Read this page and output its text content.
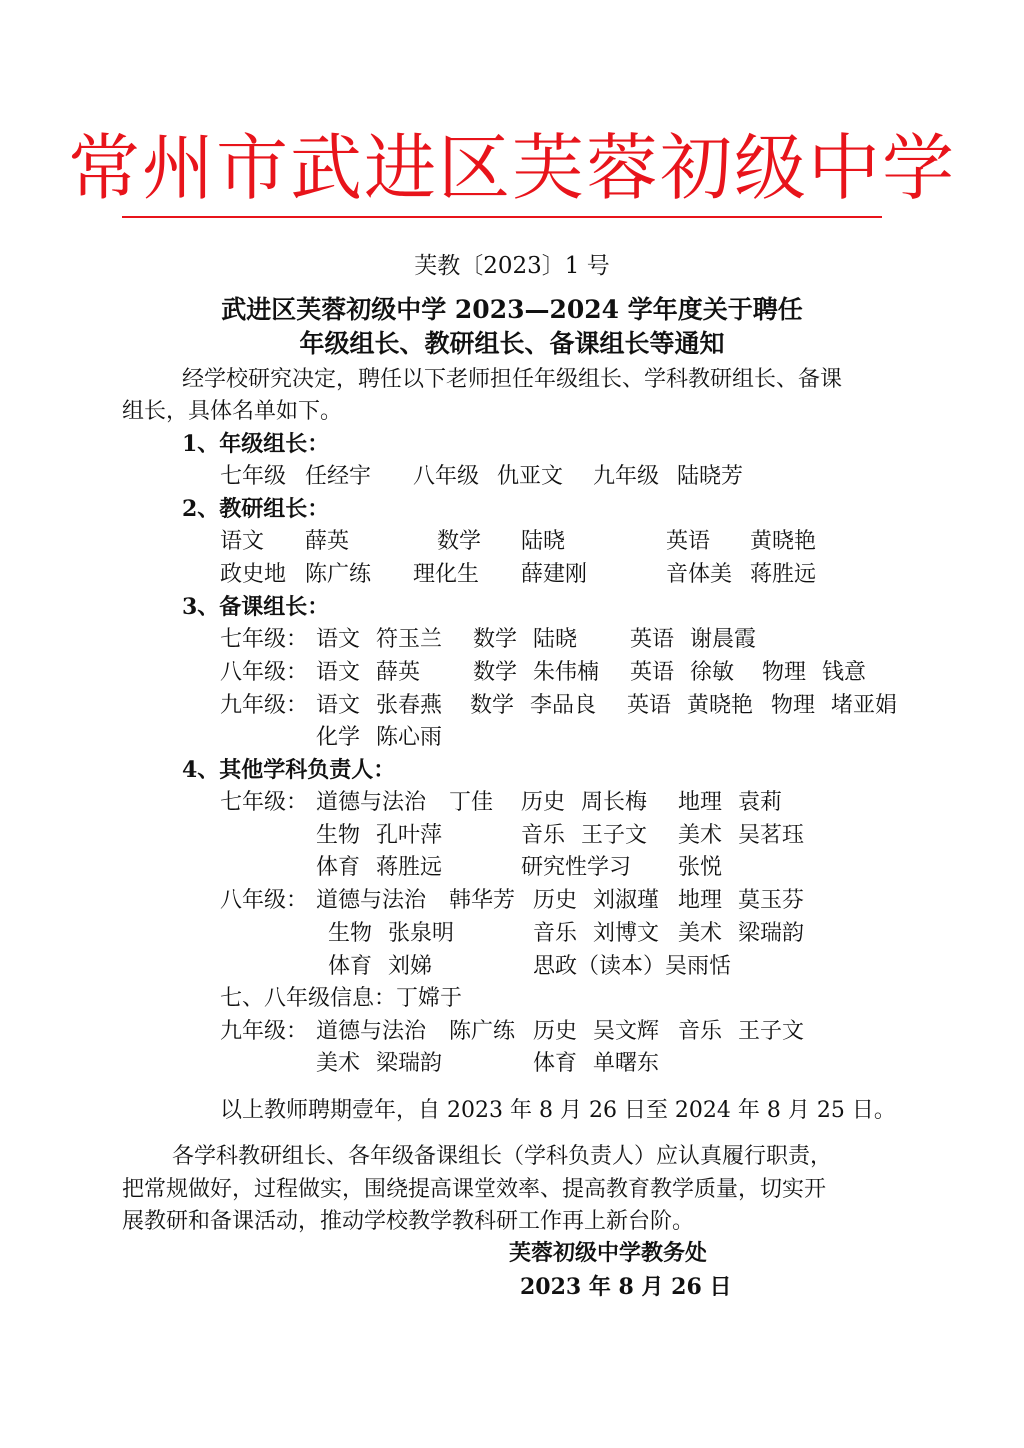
常州市武进区芙蓉初级中学
芙教〔2023〕1 号
武进区芙蓉初级中学 2023—2024 学年度关于聘任
年级组长、教研组长、备课组长等通知
经学校研究决定，聘任以下老师担任年级组长、学科教研组长、备课
组长，具体名单如下。
1、年级组长：
七年级 任经宇 八年级 仇亚文 九年级 陆晓芳
2、教研组长：
语文 薛英	数学 陆晓	英语 黄晓艳
政史地 陈广练 理化生 薛建刚	音体美 蒋胜远
3、备课组长：
七年级： 语文 符玉兰 数学 陆晓 英语 谢晨霞
八年级： 语文 薛英 数学 朱伟楠 英语 徐敏 物理 钱意
九年级： 语文 张春燕 数学 李品良 英语 黄晓艳 物理 堵亚娟
化学 陈心雨
4、其他学科负责人：
七年级： 道德与法治 丁佳 历史 周长梅 地理 袁莉
生物 孔叶萍	音乐 王子文 美术 吴茗珏
体育 蒋胜远	研究性学习 张悦
八年级： 道德与法治 韩华芳 历史 刘淑瑾 地理 莫玉芬
生物 张泉明	音乐 刘博文 美术 梁瑞韵
体育 刘娣	思政（读本）吴雨恬
七、八年级信息：丁嫦于
九年级： 道德与法治 陈广练 历史 吴文辉 音乐 王子文
美术 梁瑞韵	体育 单曙东
以上教师聘期壹年，自 2023 年 8 月 26 日至 2024 年 8 月 25 日。
各学科教研组长、各年级备课组长（学科负责人）应认真履行职责，
把常规做好，过程做实，围绕提高课堂效率、提高教育教学质量，切实开
展教研和备课活动，推动学校教学教科研工作再上新台阶。
芙蓉初级中学教务处
2023 年 8 月 26 日
